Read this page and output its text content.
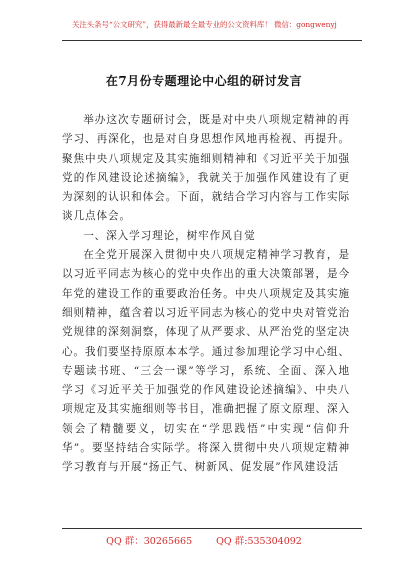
关注头条号“公文研究”，获得最新最全最专业的公文资料库！ 微信：gongwenyj
在7月份专题理论中心组的研讨发言

举办这次专题研讨会，既是对中央八项规定精神的再学习、再深化，也是对自身思想作风地再检视、再提升。聚焦中央八项规定及其实施细则精神和《习近平关于加强党的作风建设论述摘编》，我就关于加强作风建设有了更为深刻的认识和体会。下面，就结合学习内容与工作实际谈几点体会。

一、深入学习理论，树牢作风自觉

在全党开展深入贯彻中央八项规定精神学习教育，是以习近平同志为核心的党中央作出的重大决策部署，是今年党的建设工作的重要政治任务。中央八项规定及其实施细则精神，蕴含着以习近平同志为核心的党中央对管党治党规律的深刻洞察，体现了从严要求、从严治党的坚定决心。我们要坚持原原本本学。通过参加理论学习中心组、专题读书班、“三会一课”等学习，系统、全面、深入地学习《习近平关于加强党的作风建设论述摘编》、中央八项规定及其实施细则等书目，准确把握了原文原理、深入领会了精髓要义，切实在“学思践悟”中实现“信仰升华”。要坚持结合实际学。将深入贯彻中央八项规定精神学习教育与开展“扬正气、树新风、促发展”作风建设活

QQ 群：30265665	QQ 群:535304092
